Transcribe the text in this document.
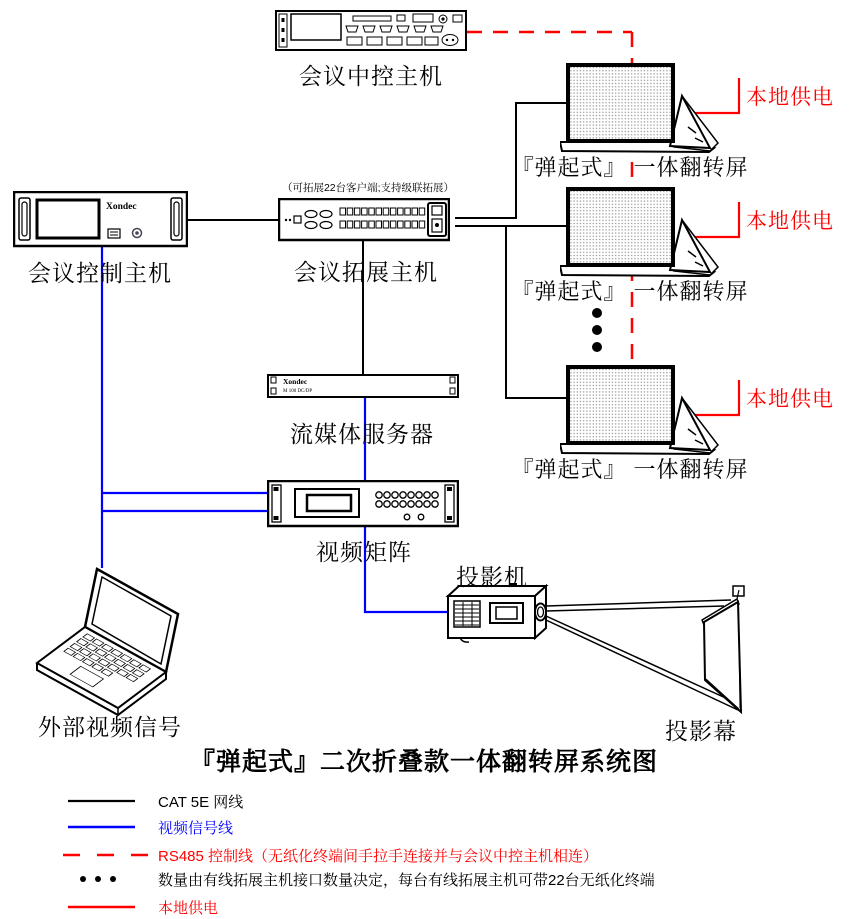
Xondec
Xondec
M 100 DC/DP
会议中控主机
会议控制主机
（可拓展22台客户端;支持级联拓展）
会议拓展主机
『弹起式』 一体翻转屏
『弹起式』 一体翻转屏
『弹起式』 一体翻转屏
本地供电
本地供电
本地供电
流媒体服务器
视频矩阵
投影机
外部视频信号	投影幕
『弹起式』二次折叠款一体翻转屏系统图
CAT 5E 网线
视频信号线
RS485 控制线（无纸化终端间手拉手连接并与会议中控主机相连）
数量由有线拓展主机接口数量决定，每台有线拓展主机可带22台无纸化终端
本地供电
